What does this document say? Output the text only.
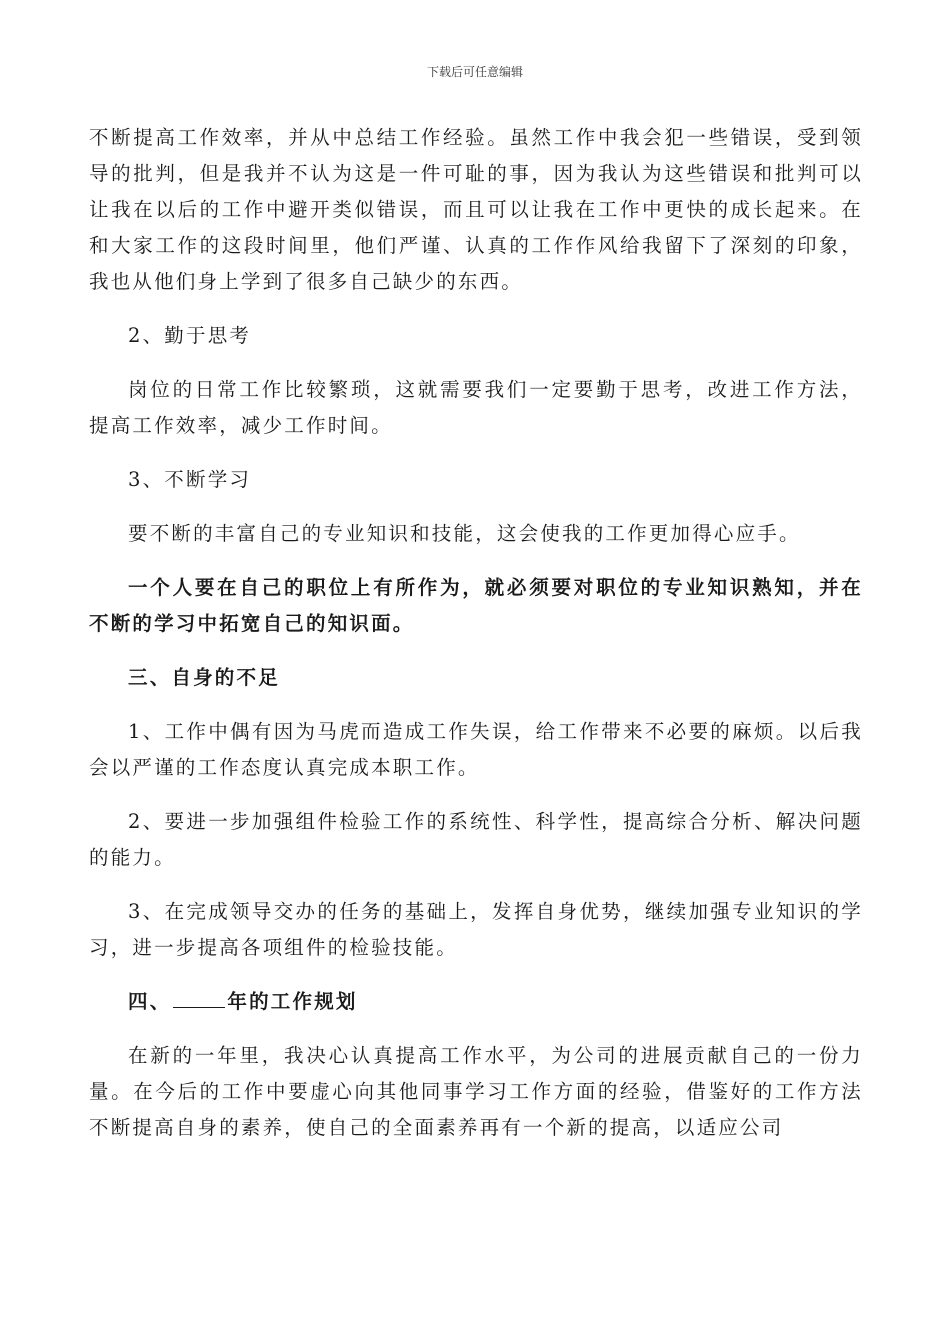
下载后可任意编辑

不断提高工作效率，并从中总结工作经验。虽然工作中我会犯一些错误，受到领导的批判，但是我并不认为这是一件可耻的事，因为我认为这些错误和批判可以让我在以后的工作中避开类似错误，而且可以让我在工作中更快的成长起来。在和大家工作的这段时间里，他们严谨、认真的工作作风给我留下了深刻的印象，我也从他们身上学到了很多自己缺少的东西。

2、勤于思考

岗位的日常工作比较繁琐，这就需要我们一定要勤于思考，改进工作方法，提高工作效率，减少工作时间。

3、不断学习

要不断的丰富自己的专业知识和技能，这会使我的工作更加得心应手。

一个人要在自己的职位上有所作为，就必须要对职位的专业知识熟知，并在不断的学习中拓宽自己的知识面。

三、自身的不足

1、工作中偶有因为马虎而造成工作失误，给工作带来不必要的麻烦。以后我会以严谨的工作态度认真完成本职工作。

2、要进一步加强组件检验工作的系统性、科学性，提高综合分析、解决问题的能力。

3、在完成领导交办的任务的基础上，发挥自身优势，继续加强专业知识的学习，进一步提高各项组件的检验技能。

四、	年的工作规划

在新的一年里，我决心认真提高工作水平，为公司的进展贡献自己的一份力量。在今后的工作中要虚心向其他同事学习工作方面的经验，借鉴好的工作方法 不断提高自身的素养，使自己的全面素养再有一个新的提高，以适应公司
